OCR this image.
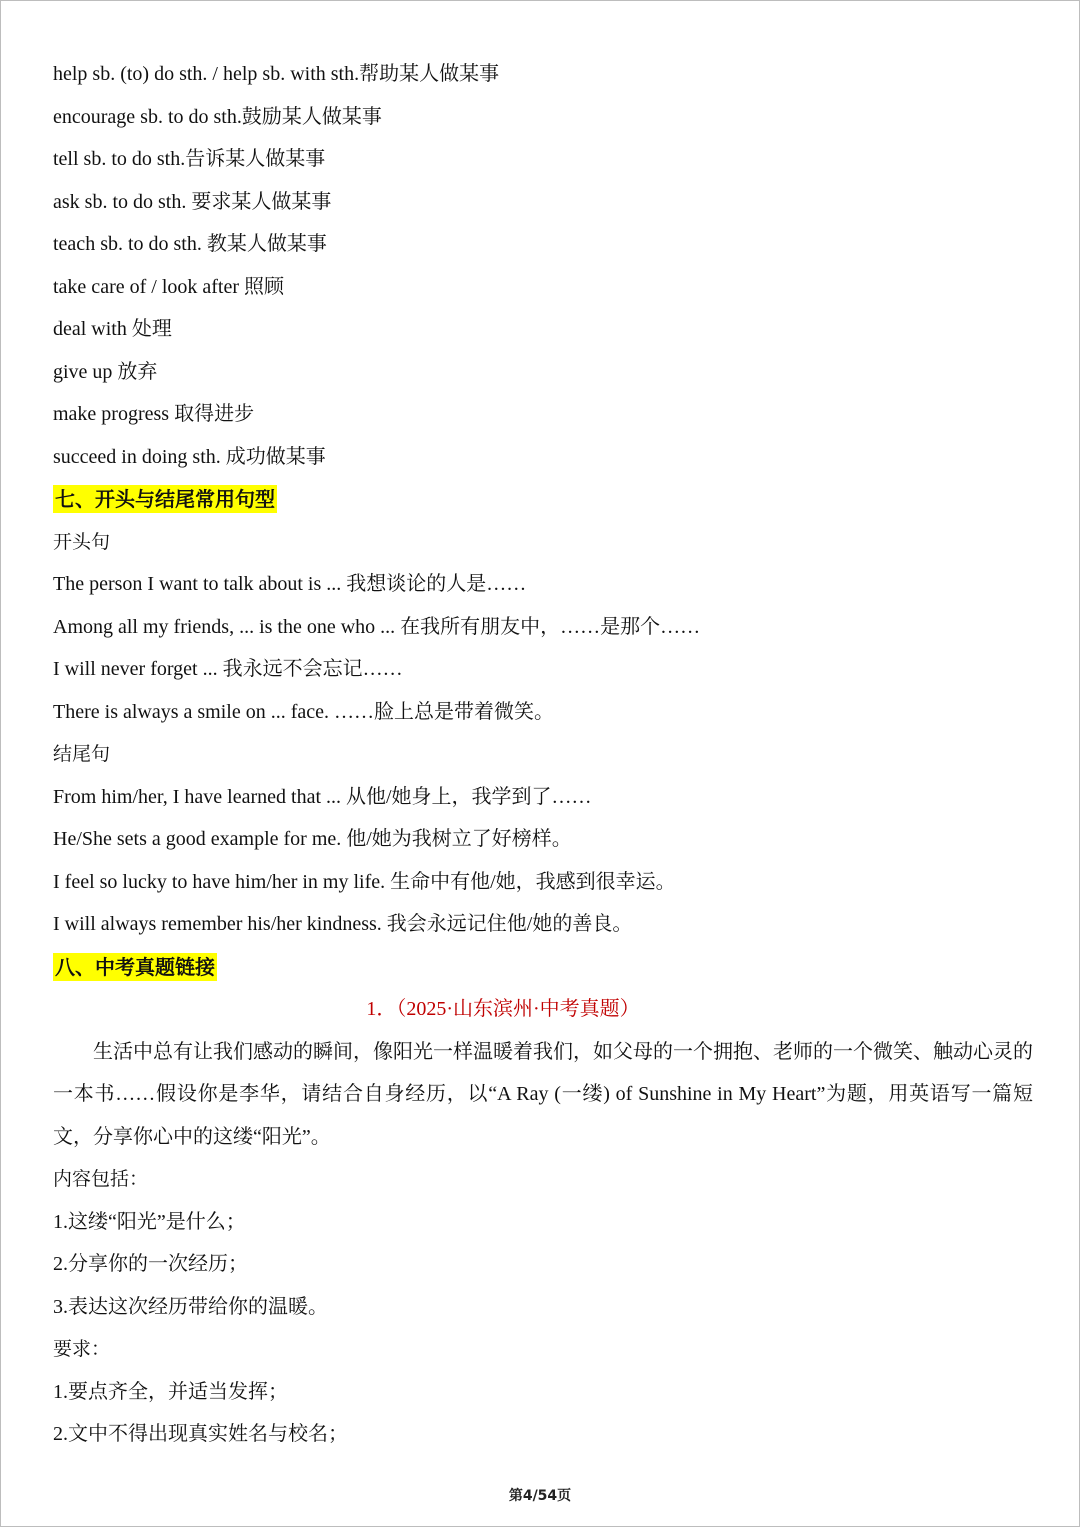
help sb. (to) do sth. / help sb. with sth.帮助某人做某事
encourage sb. to do sth.鼓励某人做某事
tell sb. to do sth.告诉某人做某事
ask sb. to do sth. 要求某人做某事
teach sb. to do sth. 教某人做某事
take care of / look after 照顾
deal with 处理
give up 放弃
make progress 取得进步
succeed in doing sth. 成功做某事
七、开头与结尾常用句型
开头句
The person I want to talk about is ... 我想谈论的人是……
Among all my friends, ... is the one who ... 在我所有朋友中，……是那个……
I will never forget ... 我永远不会忘记……
There is always a smile on ... face. ……脸上总是带着微笑。
结尾句
From him/her, I have learned that ... 从他/她身上，我学到了……
He/She sets a good example for me. 他/她为我树立了好榜样。
I feel so lucky to have him/her in my life. 生命中有他/她，我感到很幸运。
I will always remember his/her kindness. 我会永远记住他/她的善良。
八、中考真题链接
1．（2025·山东滨州·中考真题）
生活中总有让我们感动的瞬间，像阳光一样温暖着我们，如父母的一个拥抱、老师的一个微笑、触动心灵的一本书……假设你是李华，请结合自身经历，以“A Ray (一缕) of Sunshine in My Heart”为题，用英语写一篇短文，分享你心中的这缕“阳光”。
内容包括：
1.这缕“阳光”是什么；
2.分享你的一次经历；
3.表达这次经历带给你的温暖。
要求：
1.要点齐全，并适当发挥；
2.文中不得出现真实姓名与校名；
第4/54页
